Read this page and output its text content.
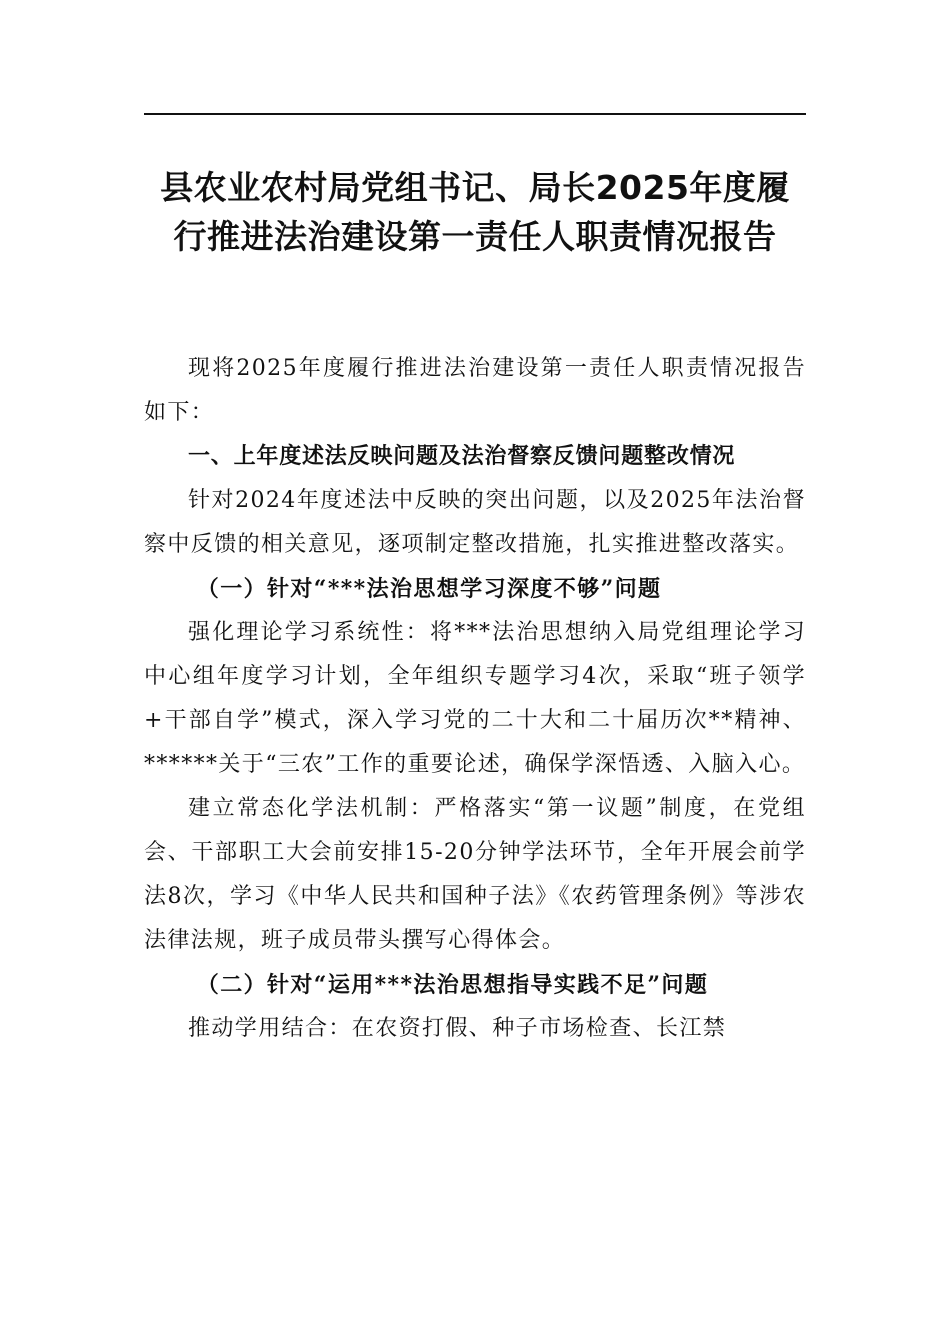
县农业农村局党组书记、局长2025年度履
行推进法治建设第一责任人职责情况报告

现将2025年度履行推进法治建设第一责任人职责情况报告如下：

一、上年度述法反映问题及法治督察反馈问题整改情况

针对2024年度述法中反映的突出问题，以及2025年法治督察中反馈的相关意见，逐项制定整改措施，扎实推进整改落实。

（一）针对“***法治思想学习深度不够”问题

强化理论学习系统性：将***法治思想纳入局党组理论学习中心组年度学习计划，全年组织专题学习4次，采取“班子领学+干部自学”模式，深入学习党的二十大和二十届历次**精神、******关于“三农”工作的重要论述，确保学深悟透、入脑入心。

建立常态化学法机制：严格落实“第一议题”制度，在党组会、干部职工大会前安排15-20分钟学法环节，全年开展会前学法8次，学习《中华人民共和国种子法》《农药管理条例》等涉农法律法规，班子成员带头撰写心得体会。

（二）针对“运用***法治思想指导实践不足”问题

推动学用结合：在农资打假、种子市场检查、长江禁
